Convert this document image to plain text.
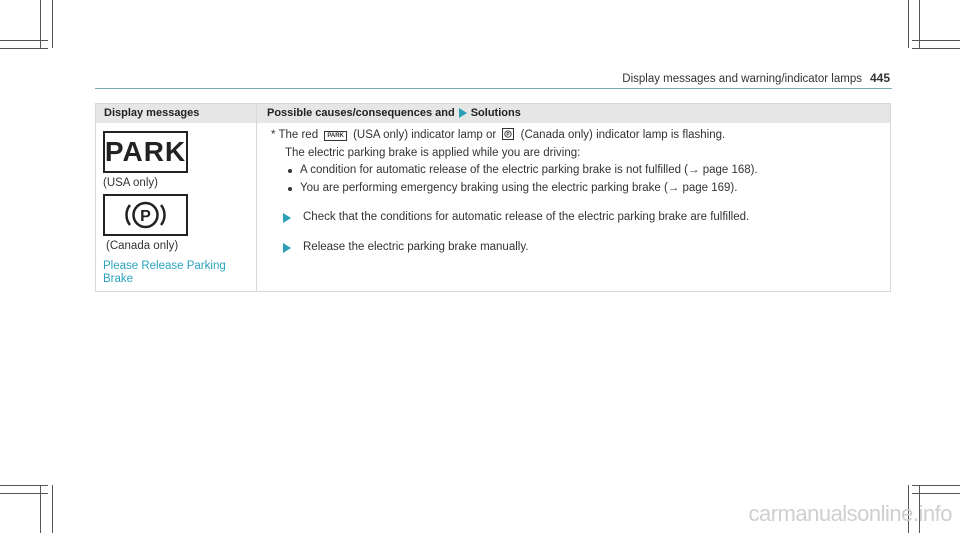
Display messages and warning/indicator lamps 445
Display messages	Possible causes/consequences and Solutions
PARK
(USA only)
P
(Canada only)
Please Release Parking Brake

* The red PARK (USA only) indicator lamp or P (Canada only) indicator lamp is flashing.

The electric parking brake is applied while you are driving:

A condition for automatic release of the electric parking brake is not fulfilled (→ page 168).
You are performing emergency braking using the electric parking brake (→ page 169).
Check that the conditions for automatic release of the electric parking brake are fulfilled.
Release the electric parking brake manually.
carmanualsonline.info
